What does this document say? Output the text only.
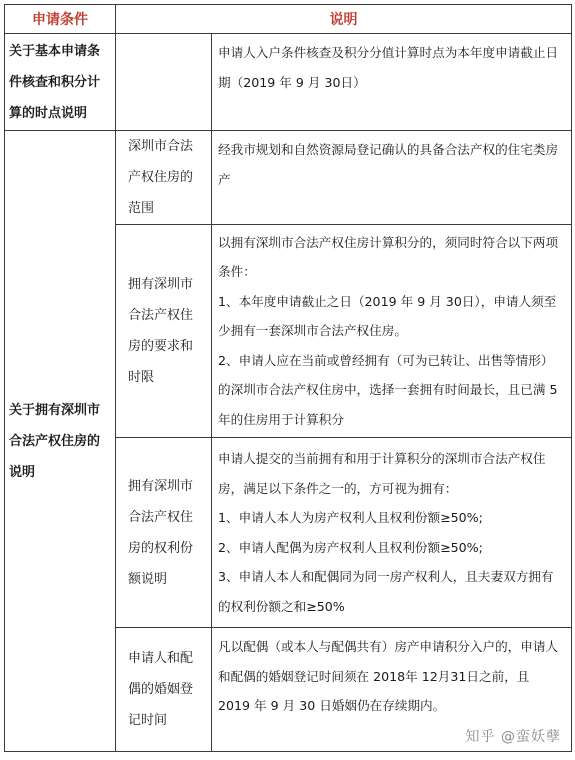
申请条件	说明	
关于基本申请条件核查和积分计算的时点说明		申请人入户条件核查及积分分值计算时点为本年度申请截止日期（2019 年 9 月 30日）

关于拥有深圳市合法产权住房的说明	深圳市合法产权住房的范围	经我市规划和自然资源局登记确认的具备合法产权的住宅类房产

	拥有深圳市合法产权住房的要求和时限	以拥有深圳市合法产权住房计算积分的，须同时符合以下两项条件：
1、本年度申请截止之日（2019 年 9 月 30日），申请人须至少拥有一套深圳市合法产权住房。
2、申请人应在当前或曾经拥有（可为已转让、出售等情形）的深圳市合法产权住房中，选择一套拥有时间最长，且已满 5 年的住房用于计算积分

	拥有深圳市合法产权住房的权利份额说明	申请人提交的当前拥有和用于计算积分的深圳市合法产权住房，满足以下条件之一的，方可视为拥有：
1、申请人本人为房产权利人且权利份额≥50%;
2、申请人配偶为房产权利人且权利份额≥50%;
3、申请人本人和配偶同为同一房产权利人，且夫妻双方拥有的权利份额之和≥50%

	申请人和配偶的婚姻登记时间	凡以配偶（或本人与配偶共有）房产申请积分入户的，申请人和配偶的婚姻登记时间须在 2018年 12月31日之前，且 2019 年 9 月 30 日婚姻仍在存续期内。
知乎 @蛮妖孽
